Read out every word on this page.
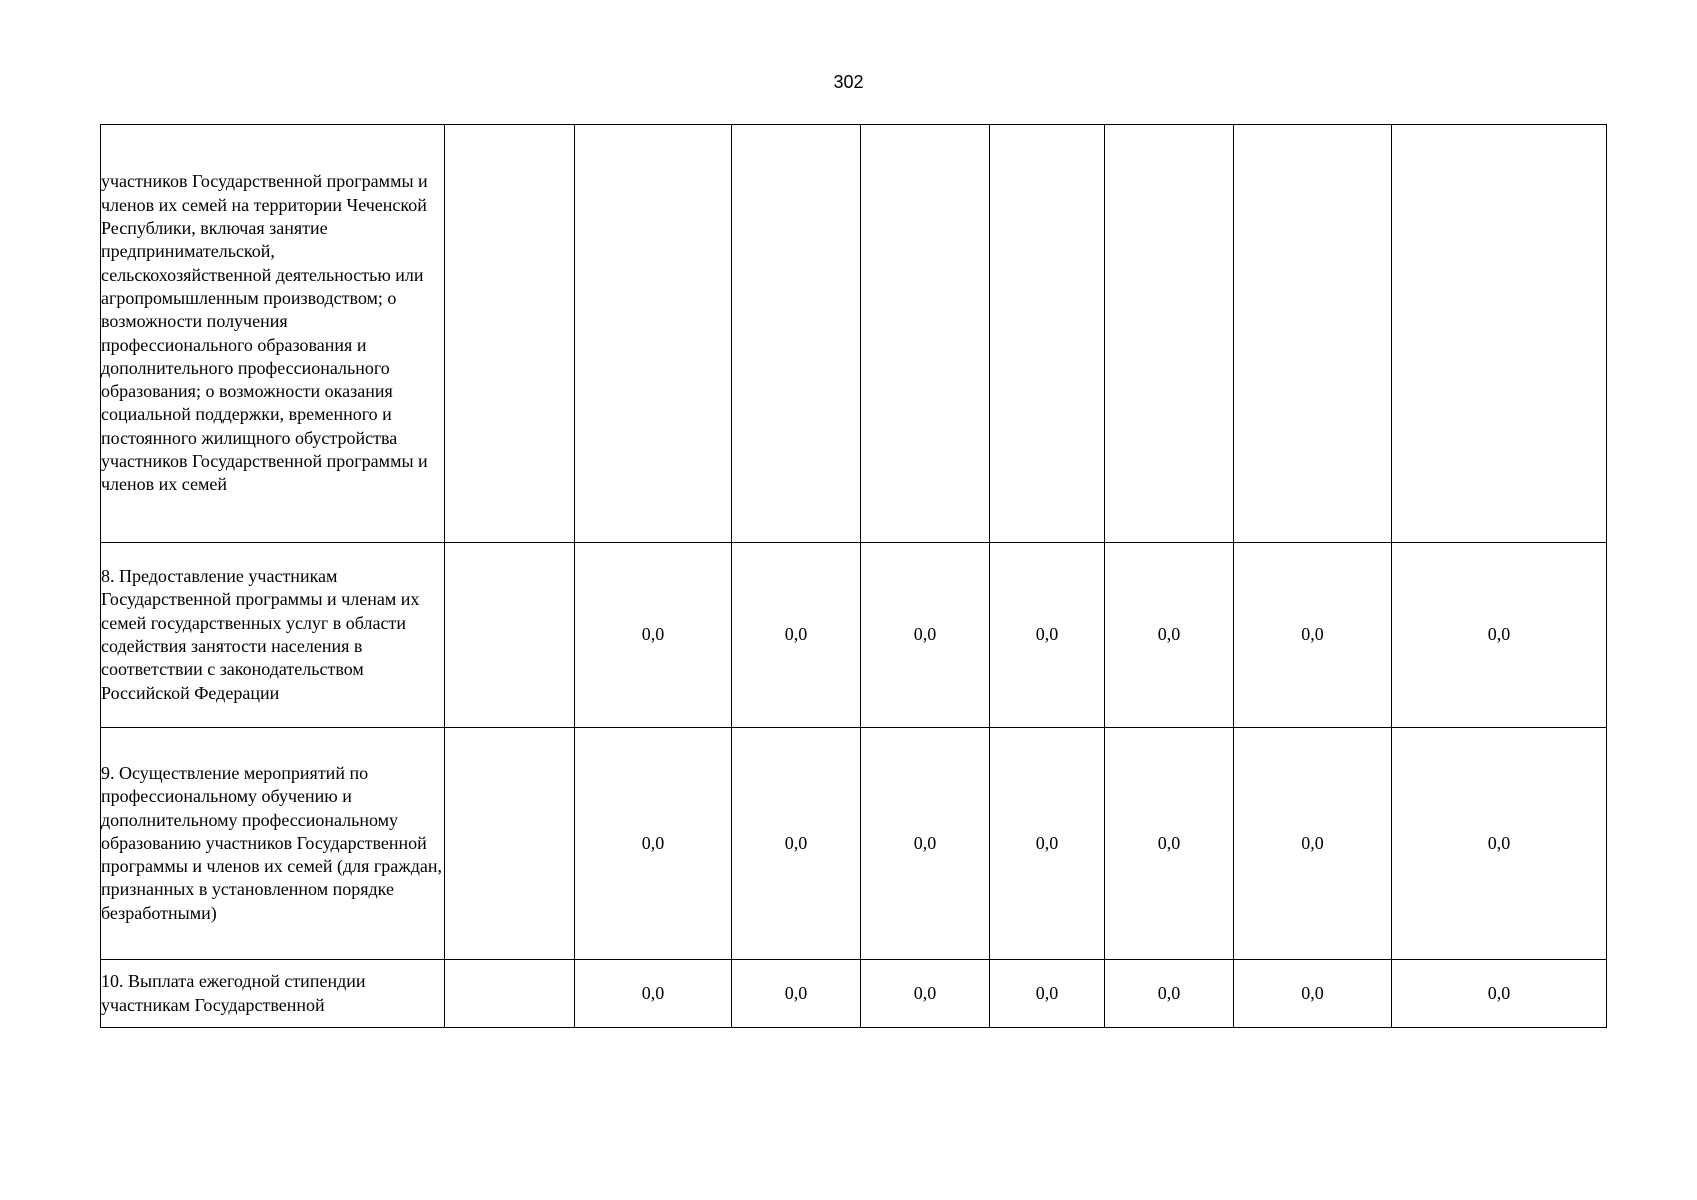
302
участников Государственной программы и членов их семей на территории Чеченской Республики, включая занятие предпринимательской, сельскохозяйственной деятельностью или агропромышленным производством; о возможности получения профессионального образования и дополнительного профессионального образования; о возможности оказания социальной поддержки, временного и постоянного жилищного обустройства участников Государственной программы и членов их семей								
8. Предоставление участникам Государственной программы и членам их семей государственных услуг в области содействия занятости населения в соответствии с законодательством Российской Федерации		0,0	0,0	0,0	0,0	0,0	0,0	0,0
9. Осуществление мероприятий по профессиональному обучению и дополнительному профессиональному образованию участников Государственной программы и членов их семей (для граждан, признанных в установленном порядке безработными)		0,0	0,0	0,0	0,0	0,0	0,0	0,0
10. Выплата ежегодной стипендии участникам Государственной		0,0	0,0	0,0	0,0	0,0	0,0	0,0
